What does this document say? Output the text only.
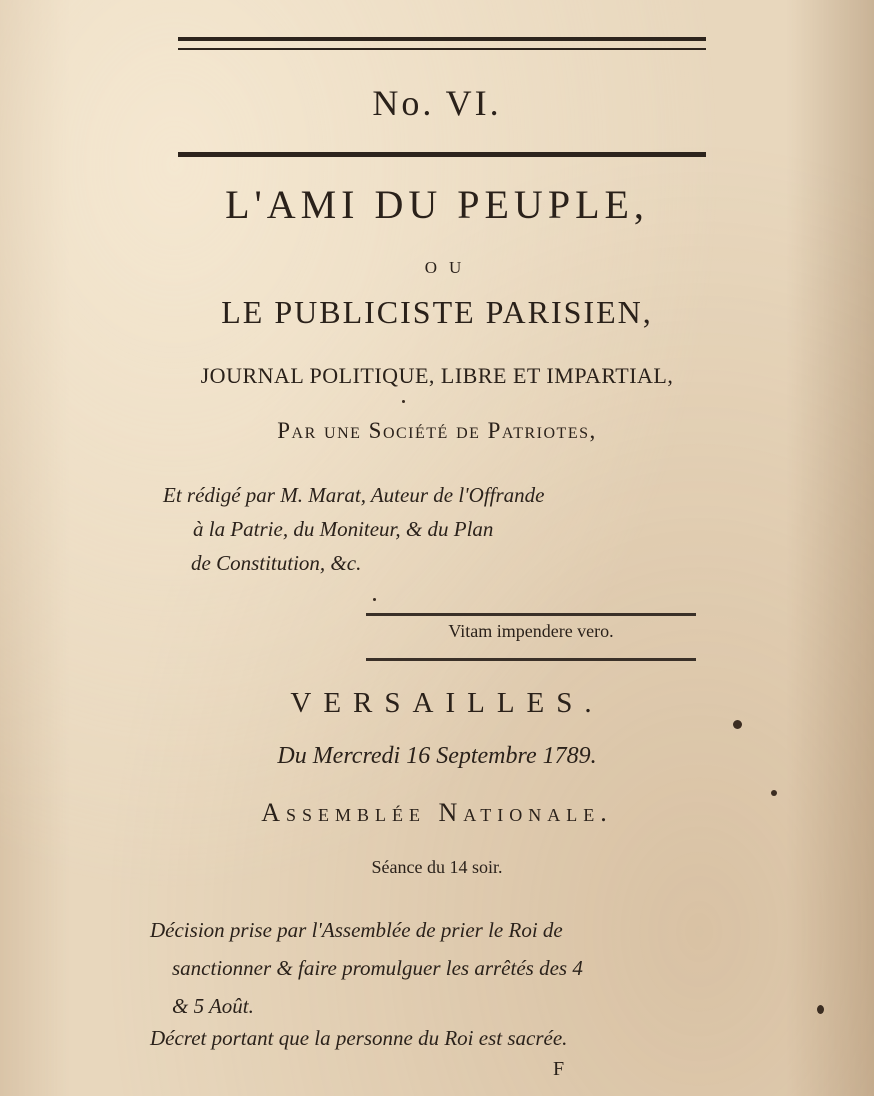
No. VI.
L'AMI DU PEUPLE,
OU
LE PUBLICISTE PARISIEN,
JOURNAL POLITIQUE, LIBRE ET IMPARTIAL,
Par une Société de Patriotes,
Et rédigé par M. Marat, Auteur de l'Offrande
à la Patrie, du Moniteur, & du Plan
de Constitution, &c.
Vitam impendere vero.
VERSAILLES.
Du Mercredi 16 Septembre 1789.
Assemblée Nationale.
Séance du 14 soir.
Décision prise par l'Assemblée de prier le Roi de
sanctionner & faire promulguer les arrêtés des 4
& 5 Août.
Décret portant que la personne du Roi est sacrée.
F
